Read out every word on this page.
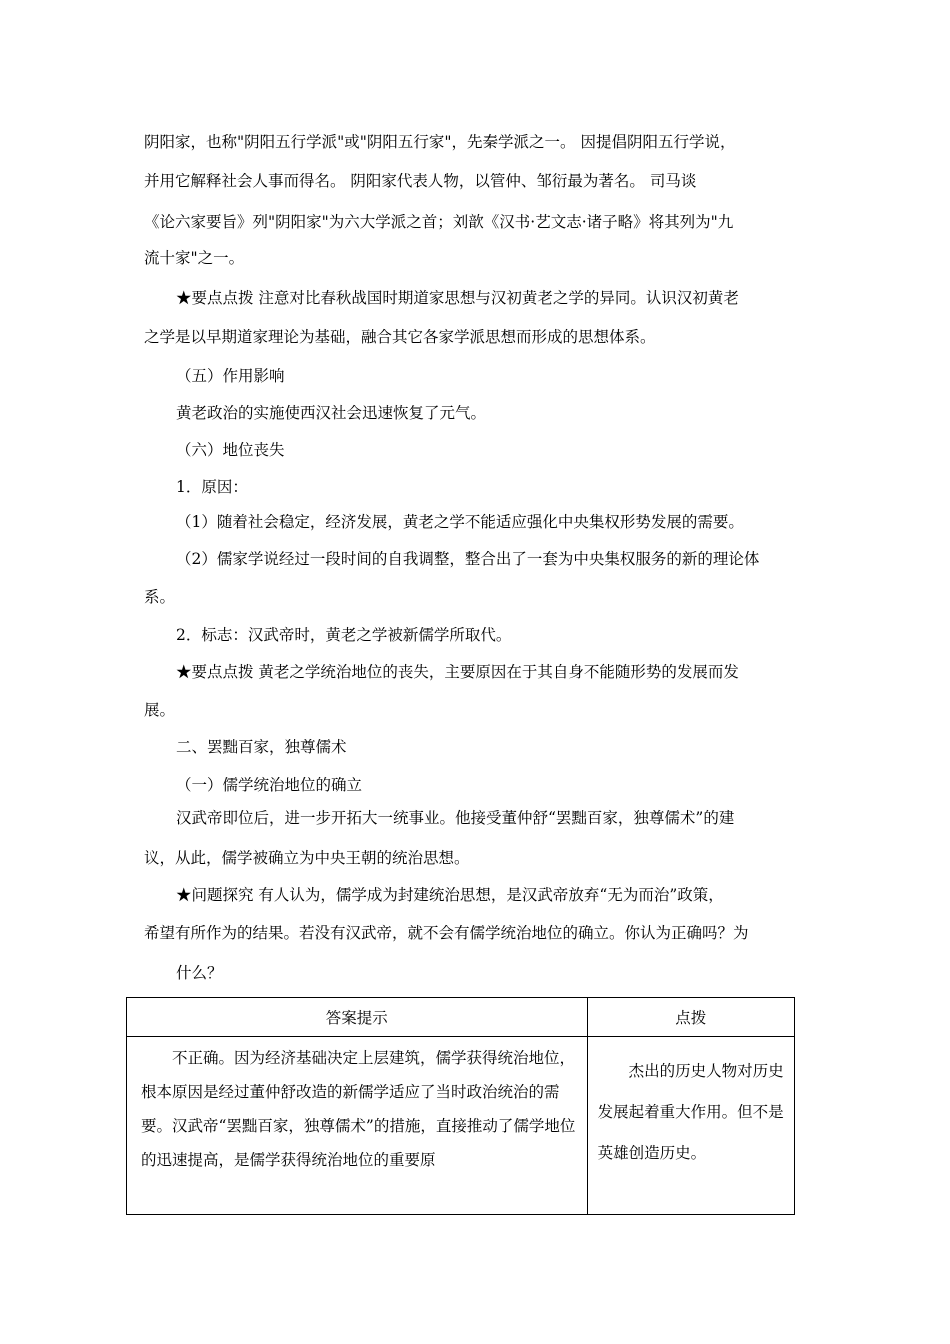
阴阳家，也称"阴阳五行学派"或"阴阳五行家"，先秦学派之一。 因提倡阴阳五行学说，
并用它解释社会人事而得名。 阴阳家代表人物，以管仲、邹衍最为著名。 司马谈
《论六家要旨》列"阴阳家"为六大学派之首；刘歆《汉书·艺文志·诸子略》将其列为"九
流十家"之一。
★要点点拨 注意对比春秋战国时期道家思想与汉初黄老之学的异同。认识汉初黄老
之学是以早期道家理论为基础，融合其它各家学派思想而形成的思想体系。
（五）作用影响
黄老政治的实施使西汉社会迅速恢复了元气。
（六）地位丧失
1．原因：
（1）随着社会稳定，经济发展，黄老之学不能适应强化中央集权形势发展的需要。
（2）儒家学说经过一段时间的自我调整，整合出了一套为中央集权服务的新的理论体
系。
2．标志：汉武帝时，黄老之学被新儒学所取代。
★要点点拨 黄老之学统治地位的丧失，主要原因在于其自身不能随形势的发展而发
展。
二、罢黜百家，独尊儒术
（一）儒学统治地位的确立
汉武帝即位后，进一步开拓大一统事业。他接受董仲舒“罢黜百家，独尊儒术”的建
议，从此，儒学被确立为中央王朝的统治思想。
★问题探究 有人认为，儒学成为封建统治思想，是汉武帝放弃“无为而治”政策，
希望有所作为的结果。若没有汉武帝，就不会有儒学统治地位的确立。你认为正确吗？为
什么？
答案提示	点拨

不正确。因为经济基础决定上层建筑，儒学获得统治地位，根本原因是经过董仲舒改造的新儒学适应了当时政治统治的需要。汉武帝“罢黜百家，独尊儒术”的措施，直接推动了儒学地位的迅速提高，是儒学获得统治地位的重要原	杰出的历史人物对历史发展起着重大作用。但不是英雄创造历史。
